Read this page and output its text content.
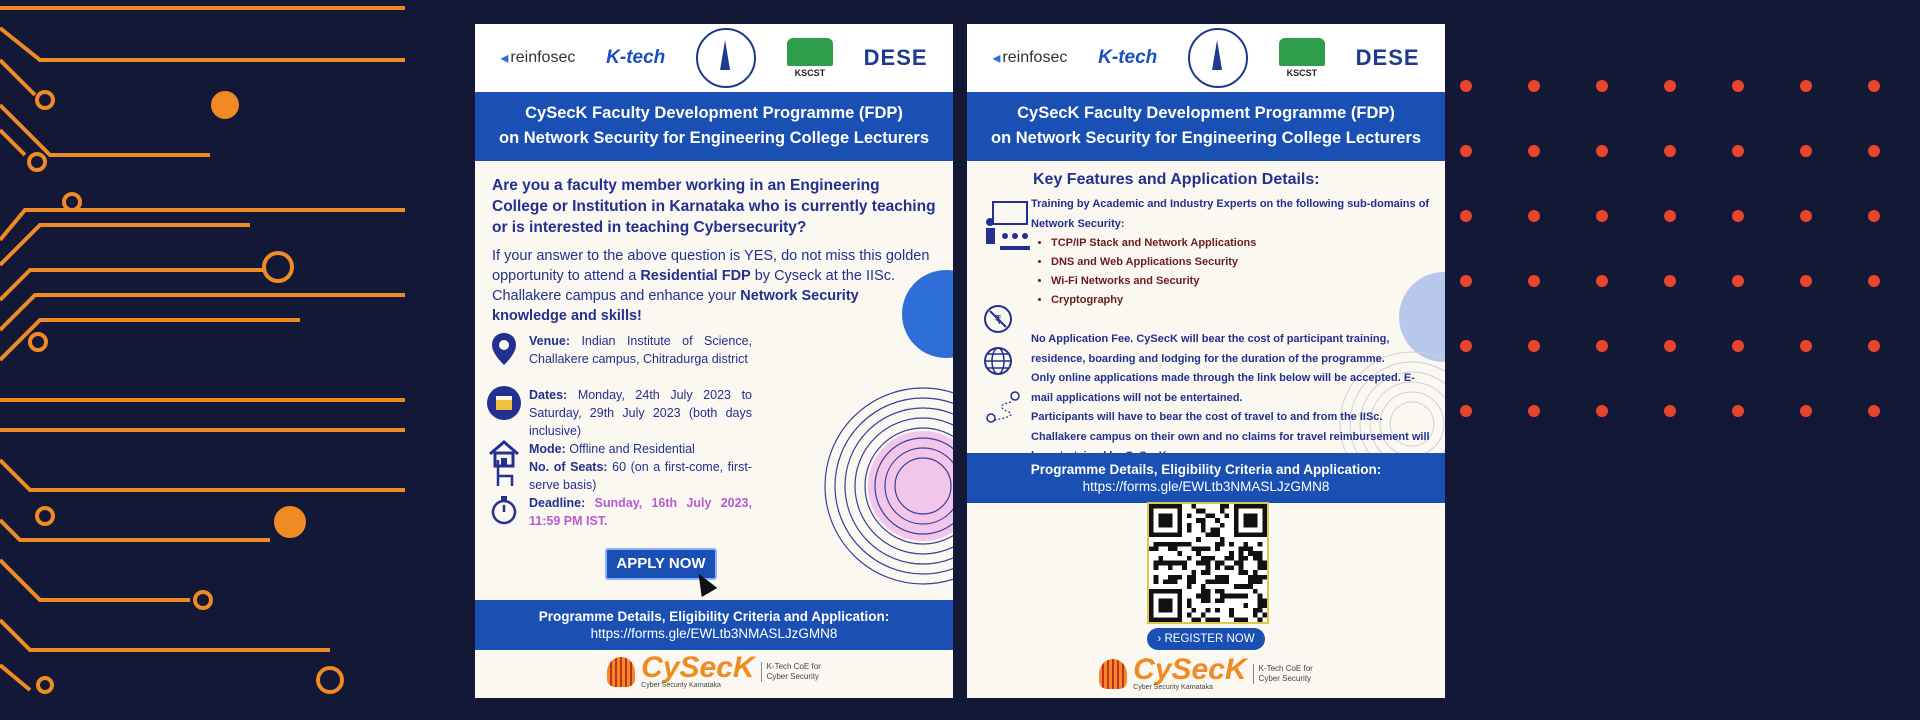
◂ reinfosec K-tech
KSCST
DESE
CySecK Faculty Development Programme (FDP)
on Network Security for Engineering College Lecturers
Are you a faculty member working in an Engineering College or Institution in Karnataka who is currently teaching or is interested in teaching Cybersecurity?
If your answer to the above question is YES, do not miss this golden opportunity to attend a Residential FDP by Cyseck at the IISc. Challakere campus and enhance your Network Security knowledge and skills!
Venue: Indian Institute of Science, Challakere campus, Chitradurga district
Dates: Monday, 24th July 2023 to Saturday, 29th July 2023 (both days inclusive)
Mode: Offline and Residential
No. of Seats: 60 (on a first-come, first-serve basis)
Deadline: Sunday, 16th July 2023, 11:59 PM IST.
APPLY NOW
Programme Details, Eligibility Criteria and Application:
https://forms.gle/EWLtb3NMASLJzGMN8
CySecK
Cyber Security Karnataka
K-Tech CoE for
Cyber Security
◂ reinfosec K-tech
KSCST
DESE
CySecK Faculty Development Programme (FDP)
on Network Security for Engineering College Lecturers
Key Features and Application Details:
Training by Academic and Industry Experts on the following sub-domains of Network Security:
• TCP/IP Stack and Network Applications
• DNS and Web Applications Security
• Wi-Fi Networks and Security
• Cryptography
₹
No Application Fee. CySecK will bear the cost of participant training, residence, boarding and lodging for the duration of the programme.
Only online applications made through the link below will be accepted. E-mail applications will not be entertained.
Participants will have to bear the cost of travel to and from the IISc. Challakere campus on their own and no claims for travel reimbursement will
Programme Details, Eligibility Criteria and Application:
https://forms.gle/EWLtb3NMASLJzGMN8
› REGISTER NOW
CySecK
Cyber Security Karnataka
K-Tech CoE for
Cyber Security
